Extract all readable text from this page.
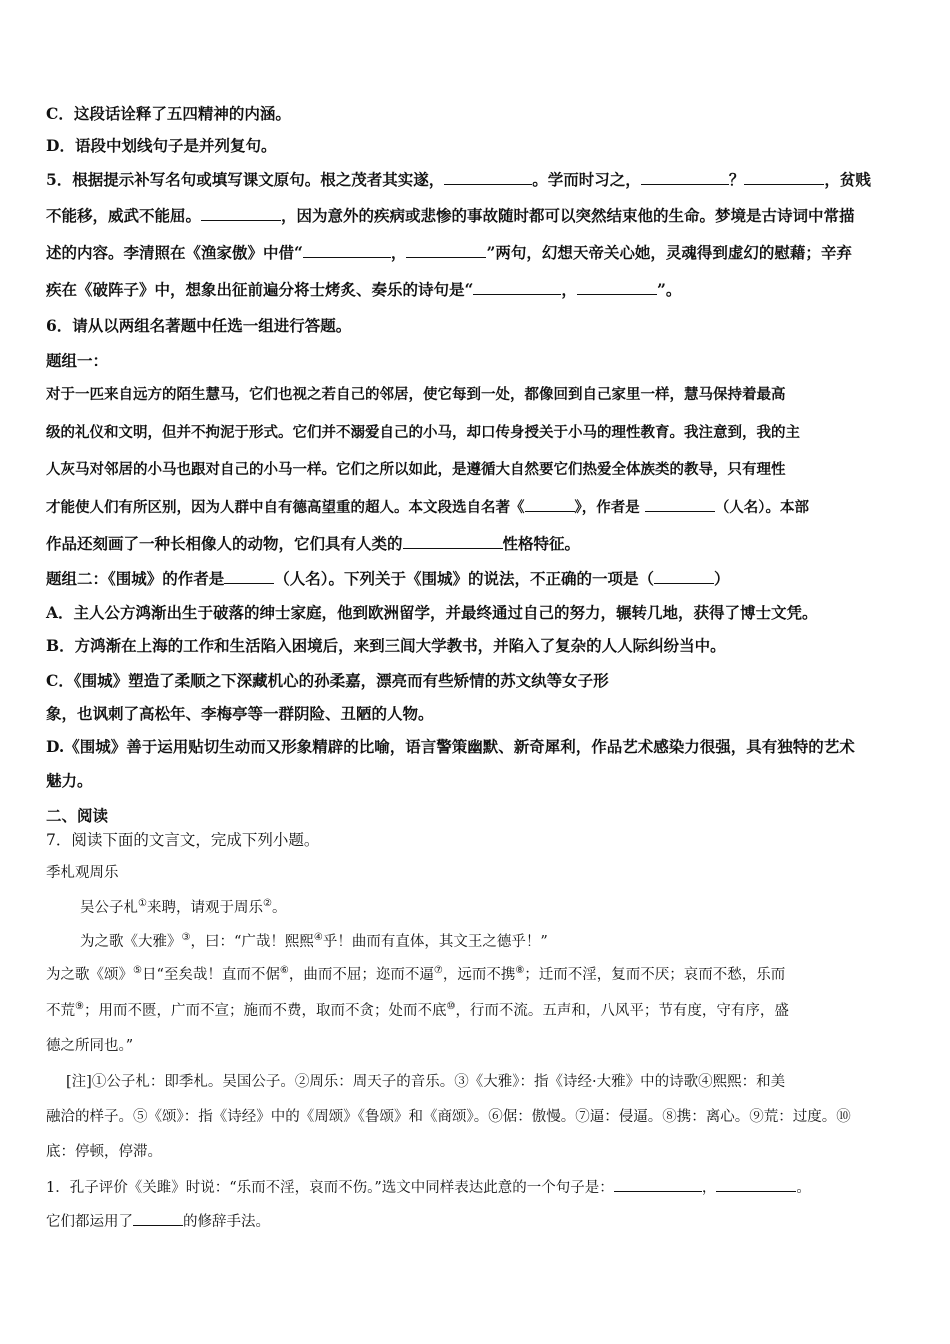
C．这段话诠释了五四精神的内涵。
D．语段中划线句子是并列复句。
5．根据提示补写名句或填写课文原句。根之茂者其实遂，	。学而时习之，	？	，贫贱
不能移，威武不能屈。	，因为意外的疾病或悲惨的事故随时都可以突然结束他的生命。梦境是古诗词中常描
述的内容。李清照在《渔家傲》中借“	，	”两句，幻想天帝关心她，灵魂得到虚幻的慰藉；辛弃
疾在《破阵子》中，想象出征前遍分将士烤炙、奏乐的诗句是“	，	”。
6．请从以两组名著题中任选一组进行答题。
题组一：
对于一匹来自远方的陌生慧马，它们也视之若自己的邻居，使它每到一处，都像回到自己家里一样，慧马保持着最高
级的礼仪和文明，但并不拘泥于形式。它们并不溺爱自己的小马，却口传身授关于小马的理性教育。我注意到，我的主
人灰马对邻居的小马也跟对自己的小马一样。它们之所以如此，是遵循大自然要它们热爱全体族类的教导，只有理性
才能使人们有所区别，因为人群中自有德高望重的超人。本文段选自名著《	》，作者是	（人名）。本部
作品还刻画了一种长相像人的动物，它们具有人类的	性格特征。
题组二：《围城》的作者是	（人名）。下列关于《围城》的说法，不正确的一项是（	）
A．主人公方鸿渐出生于破落的绅士家庭，他到欧洲留学，并最终通过自己的努力，辗转几地，获得了博士文凭。
B．方鸿渐在上海的工作和生活陷入困境后，来到三闾大学教书，并陷入了复杂的人人际纠纷当中。
C．《围城》塑造了柔顺之下深藏机心的孙柔嘉，漂亮而有些矫情的苏文纨等女子形
象，也讽刺了高松年、李梅亭等一群阴险、丑陋的人物。
D.《围城》善于运用贴切生动而又形象精辟的比喻，语言警策幽默、新奇犀利，作品艺术感染力很强，具有独特的艺术
魅力。
二、阅读
7．阅读下面的文言文，完成下列小题。
季札观周乐
吴公子札①来聘，请观于周乐②。
为之歌《大雅》③，曰：“广哉！熙熙④乎！曲而有直体，其文王之德乎！”
为之歌《颂》⑤日“至矣哉！直而不倨⑥，曲而不屈；迩而不逼⑦，远而不携⑧；迁而不淫，复而不厌；哀而不愁，乐而
不荒⑨；用而不匮，广而不宣；施而不费，取而不贪；处而不底⑩，行而不流。五声和，八风平；节有度，守有序，盛
德之所同也。”
[注]①公子札：即季札。吴国公子。②周乐：周天子的音乐。③《大雅》：指《诗经·大雅》中的诗歌④熙熙：和美
融洽的样子。⑤《颂》：指《诗经》中的《周颂》《鲁颂》和《商颂》。⑥倨：傲慢。⑦逼：侵逼。⑧携：离心。⑨荒：过度。⑩
底：停顿，停滞。
1．孔子评价《关雎》时说：“乐而不淫，哀而不伤。”选文中同样表达此意的一个句子是：	，	。
它们都运用了	的修辞手法。
